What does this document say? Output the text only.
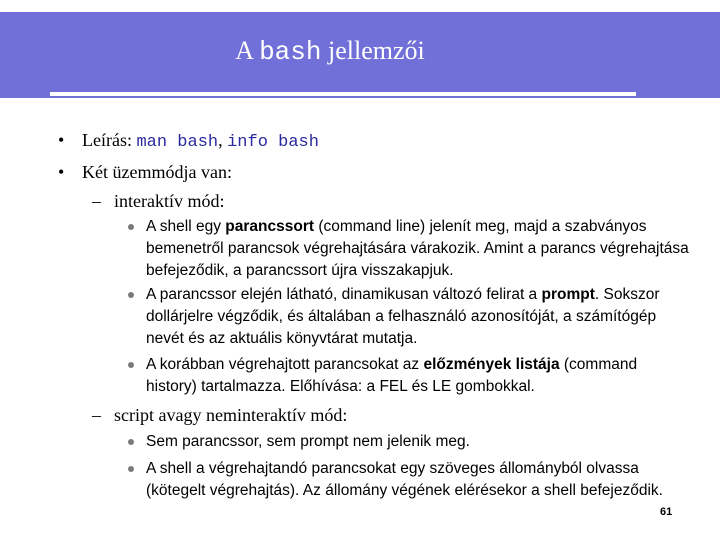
A bash jellemzői
• Leírás: man bash, info bash
• Két üzemmódja van:
– interaktív mód:
A shell egy parancssort (command line) jelenít meg, majd a szabványos bemenetről parancsok végrehajtására várakozik. Amint a parancs végrehajtása befejeződik, a parancssort újra visszakapjuk.
A parancssor elején látható, dinamikusan változó felirat a prompt. Sokszor dollárjelre végződik, és általában a felhasználó azonosítóját, a számítógép nevét és az aktuális könyvtárat mutatja.
A korábban végrehajtott parancsokat az előzmények listája (command history) tartalmazza. Előhívása: a FEL és LE gombokkal.
– script avagy neminteraktív mód:
Sem parancssor, sem prompt nem jelenik meg.
A shell a végrehajtandó parancsokat egy szöveges állományból olvassa (kötegelt végrehajtás). Az állomány végének elérésekor a shell befejeződik.
61
